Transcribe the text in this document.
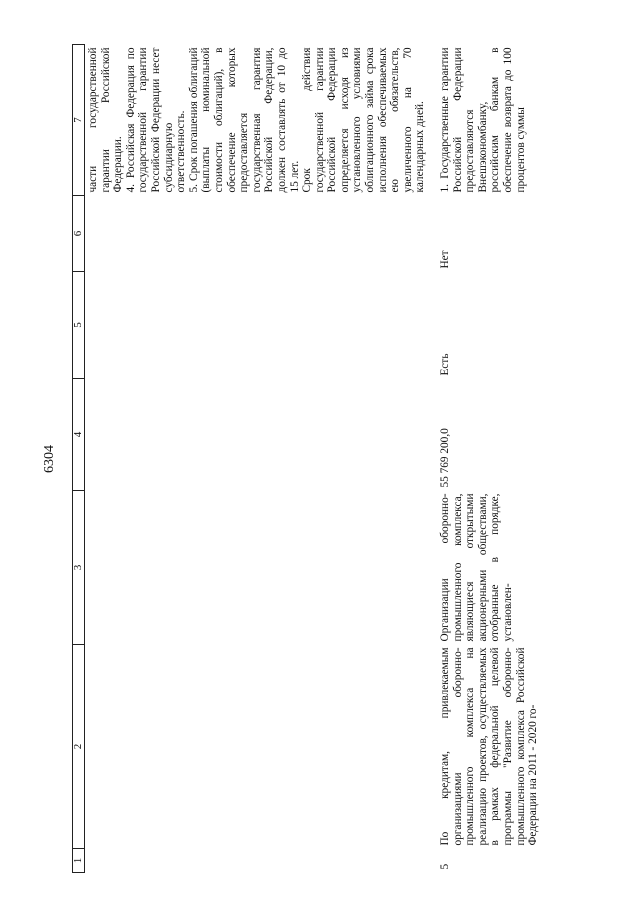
6304
1	2	3	4	5	6	7

						части государственной гарантии Российской Федерации. 4. Российская Федерация по государственной гарантии Российской Федерации несет субсидиарную ответственность. 5. Срок погашения облигаций (выплаты номинальной стоимости облигаций), в обеспечение которых предоставляется государственная гарантия Российской Федерации, должен составлять от 10 до 15 лет. Срок действия государственной гарантии Российской Федерации определяется исходя из установленного условиями облигационного займа срока исполнения обеспечиваемых ею обязательств, увеличенного на 70 календарных дней.

5	По кредитам, привлекаемым организациями оборонно-промышленного комплекса на реализацию проектов, осуществляемых в рамках федеральной целевой программы "Развитие оборонно-промышленного комплекса Российской Федерации на 2011 - 2020 го-	Организации оборонно-промышленного комплекса, являющиеся открытыми акционерными обществами, отобранные в порядке, установлен-	55 769 200,0	Есть	Нет	1. Государственные гарантии Российской Федерации предоставляются Внешэкономбанку, российским банкам в обеспечение возврата до 100 процентов суммы
